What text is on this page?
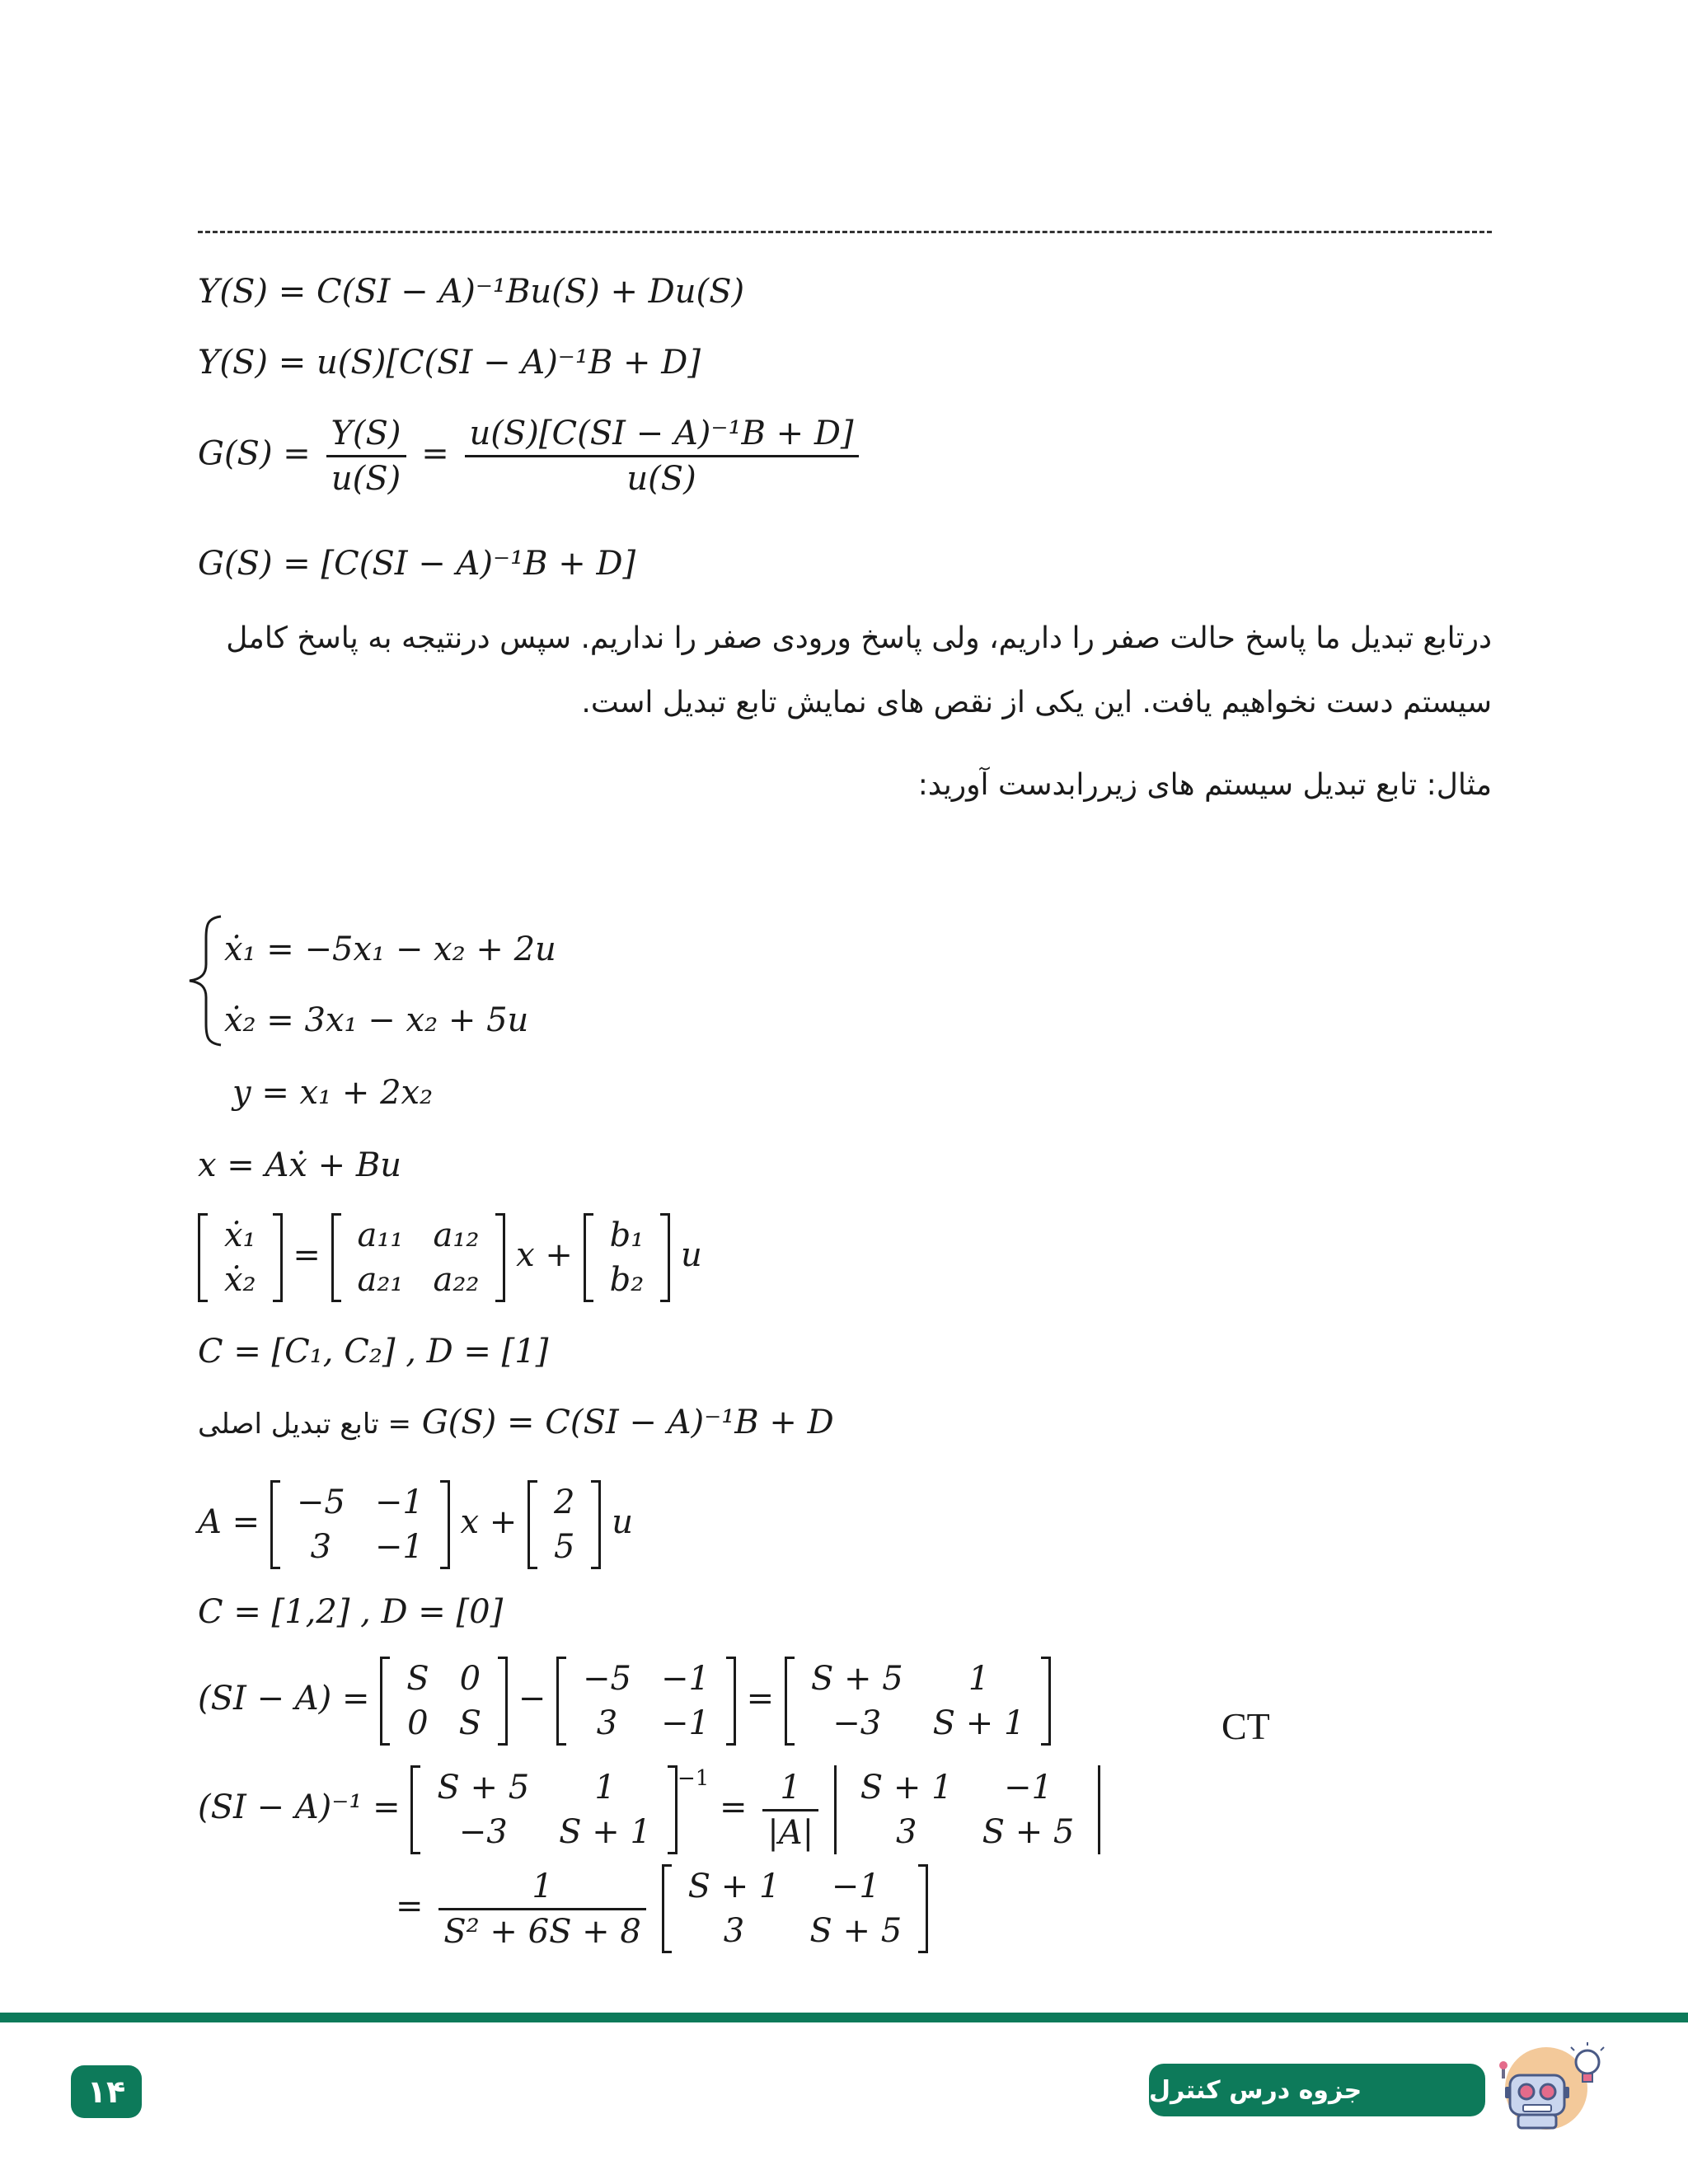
Y(S) = C(SI − A)⁻¹Bu(S) + Du(S)
Y(S) = u(S)[C(SI − A)⁻¹B + D]
$G(S) = \frac{Y(S)}{u(S)} = \frac{\text{u(S)[C(SI − A)⁻¹B + D]}}{u(S)}$
G(S) = [C(SI − A)⁻¹B + D]
درتابع تبدیل ما پاسخ حالت صفر را داریم، ولی پاسخ ورودی صفر را نداریم. سپس درنتیجه به پاسخ کامل سیستم دست نخواهیم یافت. این یکی از نقص های نمایش تابع تبدیل است.
مثال: تابع تبدیل سیستم های زیررابدست آورید:
ẋ₁ = −5x₁ − x₂ + 2u
ẋ₂ = 3x₁ − x₂ + 5u
y = x₁ + 2x₂
x = Aẋ + Bu
ẋ₁
ẋ₂
=
a₁₁	a₁₂
a₂₁	a₂₂
x +
b₁
b₂
u
C = [C₁, C₂] , D = [1]
تابع تبدیل اصلی = G(S) = C(SI − A)⁻¹B + D
A =
−5	−1
3	−1
x +
2
5
u
C = [1,2] , D = [0]
(SI − A) =
S	0
0	S
−
−5	−1
3	−1
=
S + 5	1
−3	S + 1	CT
(SI − A)⁻¹ =
S + 5	1
−3	S + 1
$^{-1} = \frac{1}{|A|}$
S + 1	−1
3	S + 5
= $\frac{1}{\text{S² + 6S + 8}}$
S + 1	−1
3	S + 5
۱۴	جزوه درس کنترل
